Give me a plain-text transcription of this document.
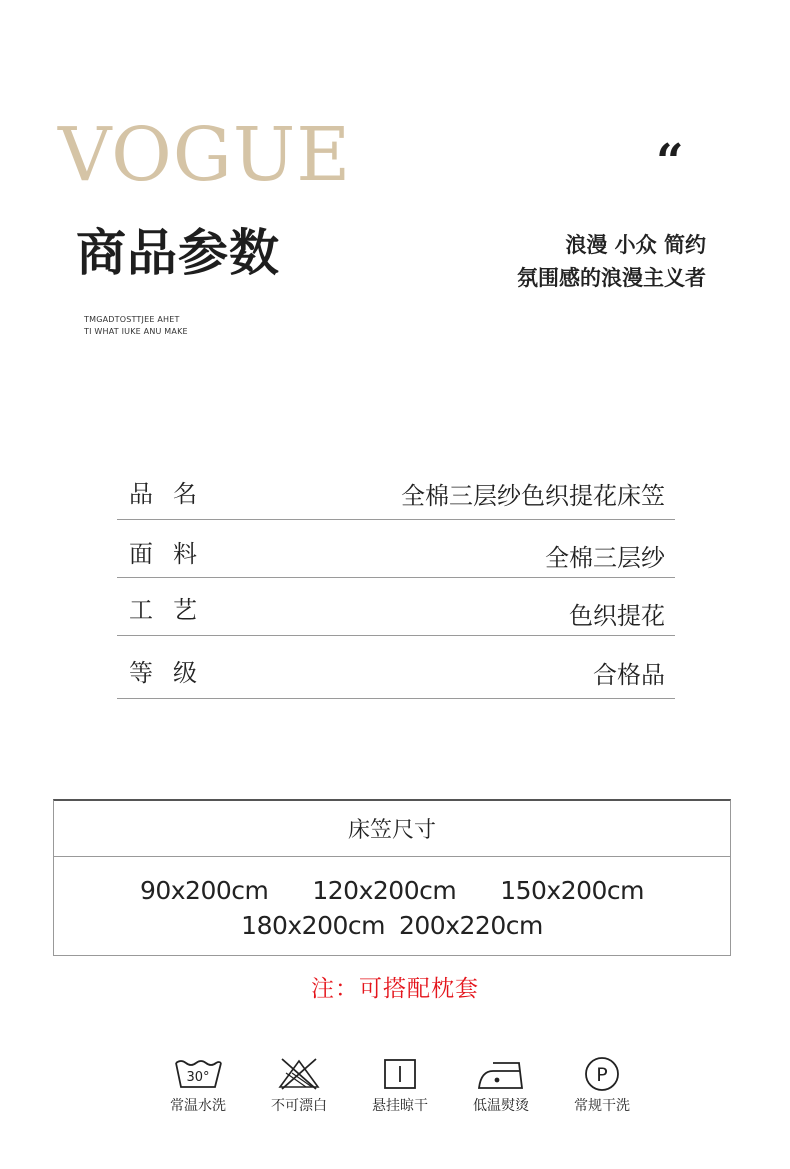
VOGUE	“
商品参数	浪漫 小众 简约
氛围感的浪漫主义者
TMGADTOSTTJEE AHET
TI WHAT IUKE ANU MAKE
品名	全棉三层纱色织提花床笠
面料	全棉三层纱
工艺	色织提花
等级	合格品
床笠尺寸
90x200cm 120x200cm 150x200cm
180x200cm 200x220cm
注：可搭配枕套
30°
常温水洗	不可漂白	悬挂晾干	低温熨烫
P
常规干洗
